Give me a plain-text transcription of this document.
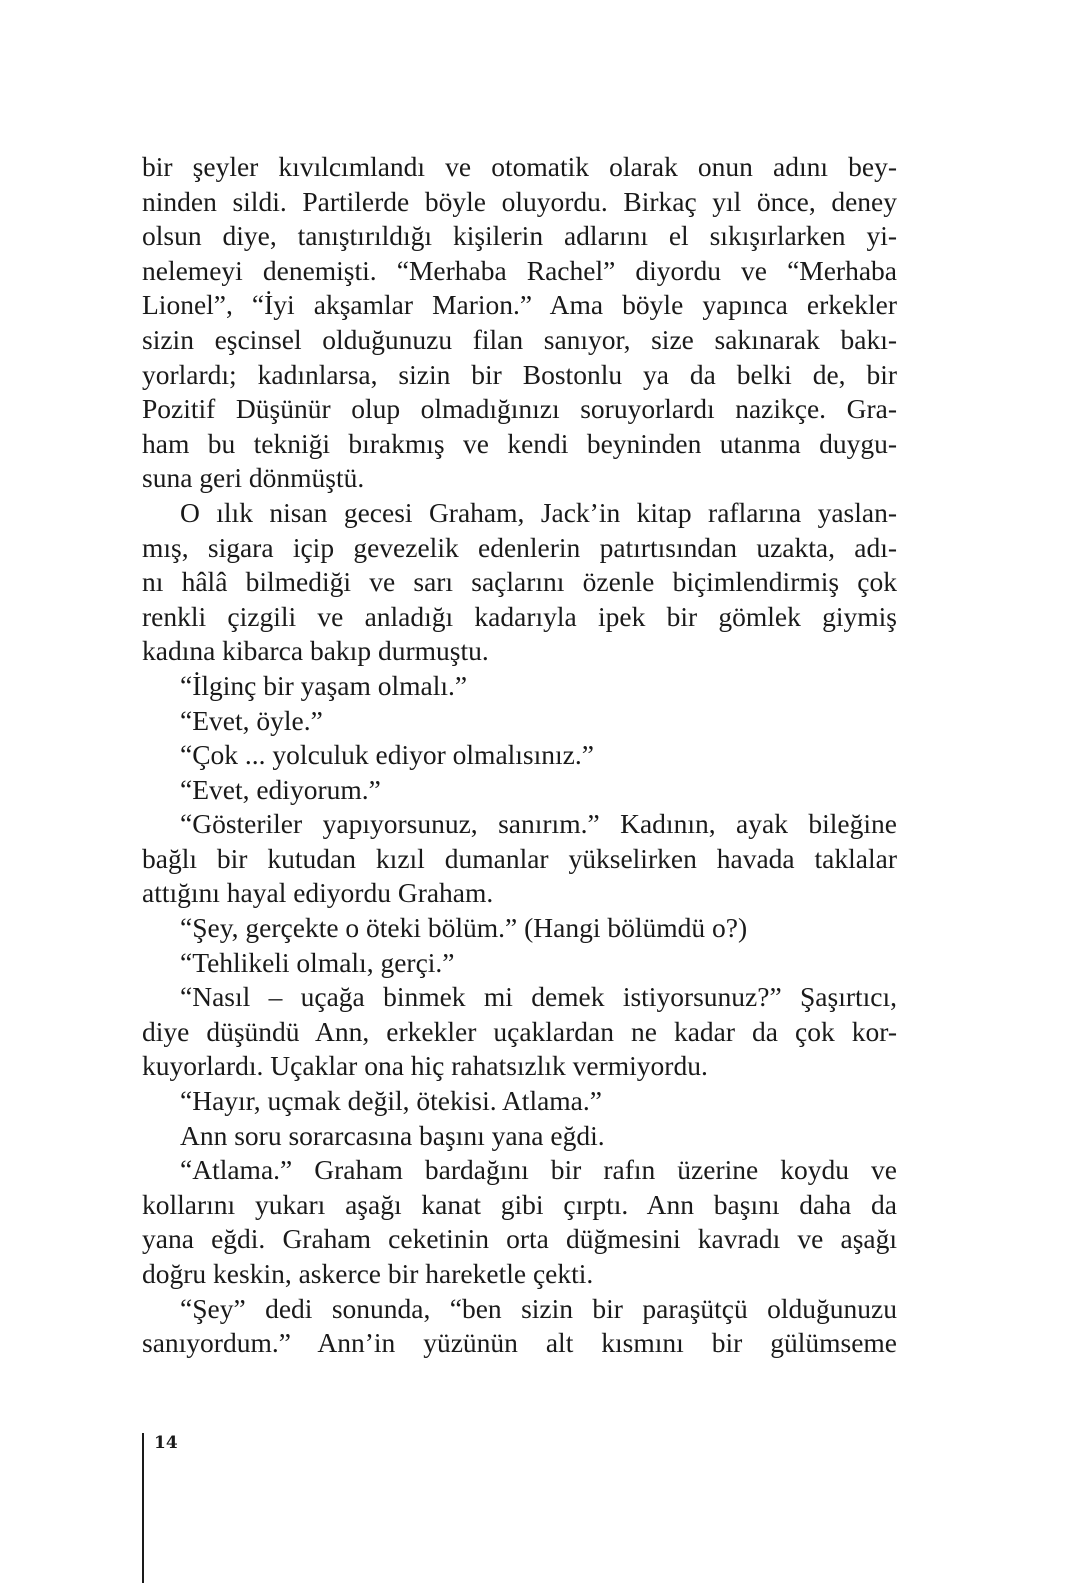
bir şeyler kıvılcımlandı ve otomatik olarak onun adını bey-
ninden sildi. Partilerde böyle oluyordu. Birkaç yıl önce, deney
olsun diye, tanıştırıldığı kişilerin adlarını el sıkışırlarken yi-
nelemeyi denemişti. “Merhaba Rachel” diyordu ve “Merhaba
Lionel”, “İyi akşamlar Marion.” Ama böyle yapınca erkekler
sizin eşcinsel olduğunuzu filan sanıyor, size sakınarak bakı-
yorlardı; kadınlarsa, sizin bir Bostonlu ya da belki de, bir
Pozitif Düşünür olup olmadığınızı soruyorlardı nazikçe. Gra-
ham bu tekniği bırakmış ve kendi beyninden utanma duygu-
suna geri dönmüştü.
O ılık nisan gecesi Graham, Jack’in kitap raflarına yaslan-
mış, sigara içip gevezelik edenlerin patırtısından uzakta, adı-
nı hâlâ bilmediği ve sarı saçlarını özenle biçimlendirmiş çok
renkli çizgili ve anladığı kadarıyla ipek bir gömlek giymiş
kadına kibarca bakıp durmuştu.
“İlginç bir yaşam olmalı.”
“Evet, öyle.”
“Çok ... yolculuk ediyor olmalısınız.”
“Evet, ediyorum.”
“Gösteriler yapıyorsunuz, sanırım.” Kadının, ayak bileğine
bağlı bir kutudan kızıl dumanlar yükselirken havada taklalar
attığını hayal ediyordu Graham.
“Şey, gerçekte o öteki bölüm.” (Hangi bölümdü o?)
“Tehlikeli olmalı, gerçi.”
“Nasıl – uçağa binmek mi demek istiyorsunuz?” Şaşırtıcı,
diye düşündü Ann, erkekler uçaklardan ne kadar da çok kor-
kuyorlardı. Uçaklar ona hiç rahatsızlık vermiyordu.
“Hayır, uçmak değil, ötekisi. Atlama.”
Ann soru sorarcasına başını yana eğdi.
“Atlama.” Graham bardağını bir rafın üzerine koydu ve
kollarını yukarı aşağı kanat gibi çırptı. Ann başını daha da
yana eğdi. Graham ceketinin orta düğmesini kavradı ve aşağı
doğru keskin, askerce bir hareketle çekti.
“Şey” dedi sonunda, “ben sizin bir paraşütçü olduğunuzu
sanıyordum.” Ann’in yüzünün alt kısmını bir gülümseme
14
